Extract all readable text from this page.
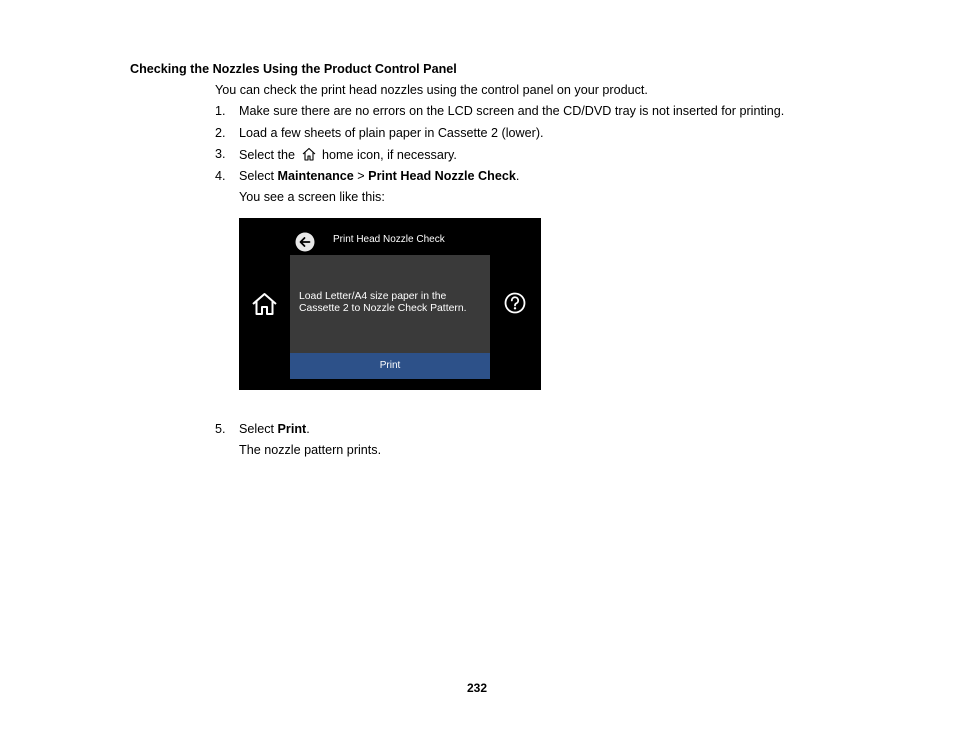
Checking the Nozzles Using the Product Control Panel
You can check the print head nozzles using the control panel on your product.
1. Make sure there are no errors on the LCD screen and the CD/DVD tray is not inserted for printing.
2. Load a few sheets of plain paper in Cassette 2 (lower).
3. Select the home icon, if necessary.
4. Select Maintenance > Print Head Nozzle Check.
You see a screen like this:
Print Head Nozzle Check
Load Letter/A4 size paper in the
Cassette 2 to Nozzle Check Pattern.
Print
5. Select Print.
The nozzle pattern prints.
232
